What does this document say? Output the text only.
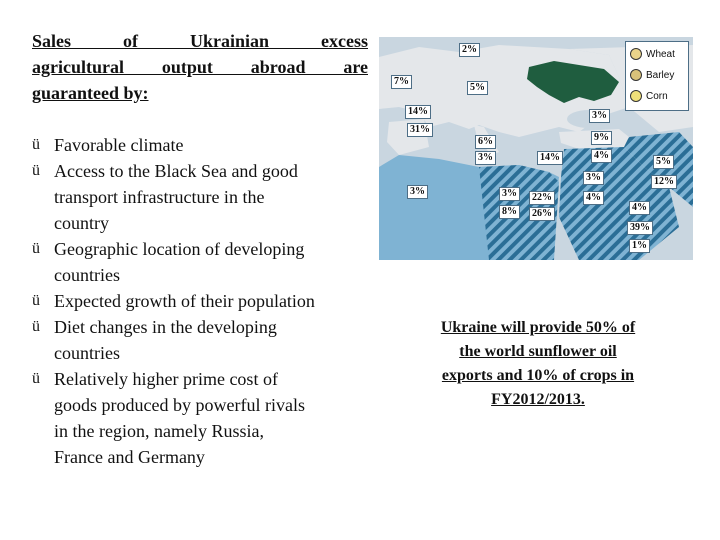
Sales of Ukrainian excess
agricultural output abroad are
guaranteed by:
ü Favorable climate
ü Access to the Black Sea and good
transport infrastructure in the
country
ü Geographic location of developing
countries
ü Expected growth of their population
ü Diet changes in the developing
countries
ü Relatively higher prime cost of
goods produced by powerful rivals
in the region, namely Russia,
France and Germany
2%
7%
5%
14%
31%
6%
3%	14%
3%
9%
4%
5%
3%	12%
3%	3%	22%	4%
4%
8%	26%
39%
1%
Wheat
Barley
Corn
Ukraine will provide 50% of
the world sunflower oil
exports and 10% of crops in
FY2012/2013.
